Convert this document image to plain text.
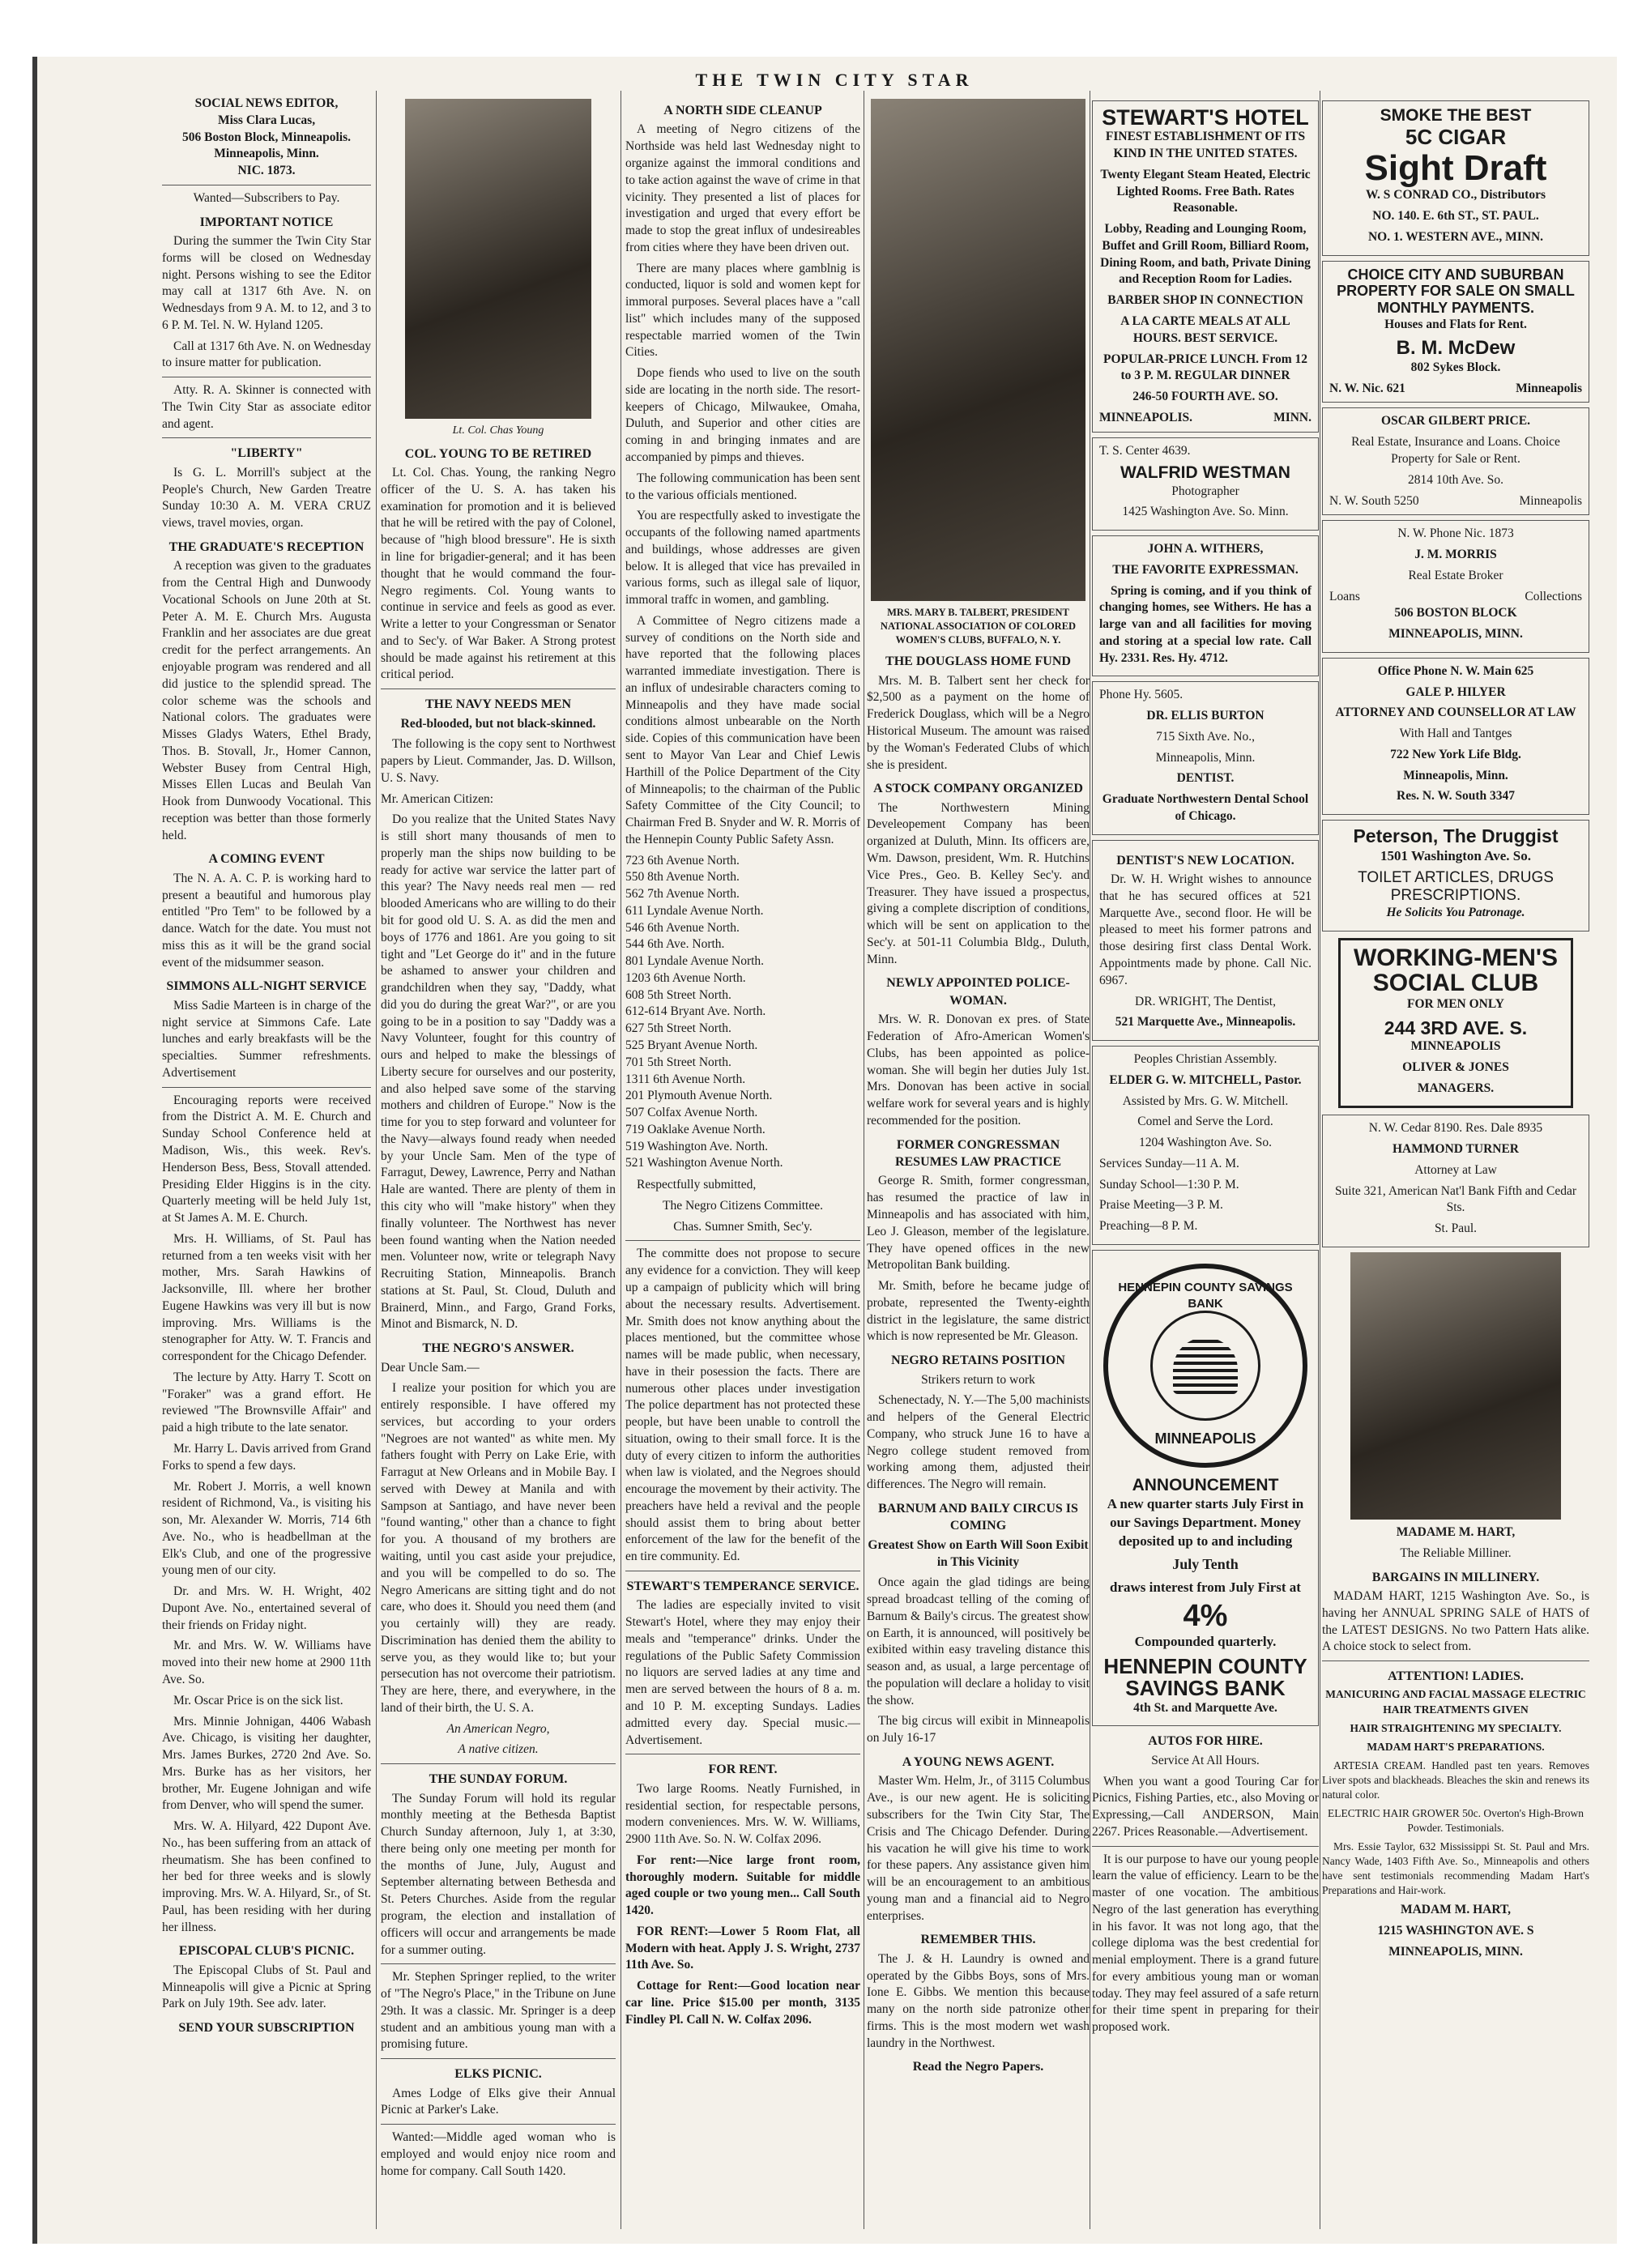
THE TWIN CITY STAR
SOCIAL NEWS EDITOR,
Miss Clara Lucas,
506 Boston Block, Minneapolis.
Minneapolis, Minn.
NIC. 1873.

Wanted—Subscribers to Pay.

IMPORTANT NOTICE

During the summer the Twin City Star forms will be closed on Wednesday night. Persons wishing to see the Editor may call at 1317 6th Ave. N. on Wednesdays from 9 A. M. to 12, and 3 to 6 P. M. Tel. N. W. Hyland 1205.

Call at 1317 6th Ave. N. on Wednesday to insure matter for publication.

Atty. R. A. Skinner is connected with The Twin City Star as associate editor and agent.

"LIBERTY"

Is G. L. Morrill's subject at the People's Church, New Garden Treatre Sunday 10:30 A. M. VERA CRUZ views, travel movies, organ.

THE GRADUATE'S RECEPTION

A reception was given to the graduates from the Central High and Dunwoody Vocational Schools on June 20th at St. Peter A. M. E. Church Mrs. Augusta Franklin and her associates are due great credit for the perfect arrangements. An enjoyable program was rendered and all did justice to the splendid spread. The color scheme was the schools and National colors. The graduates were Misses Gladys Waters, Ethel Brady, Thos. B. Stovall, Jr., Homer Cannon, Webster Busey from Central High, Misses Ellen Lucas and Beulah Van Hook from Dunwoody Vocational. This reception was better than those formerly held.

A COMING EVENT

The N. A. A. C. P. is working hard to present a beautiful and humorous play entitled "Pro Tem" to be followed by a dance. Watch for the date. You must not miss this as it will be the grand social event of the midsummer season.

SIMMONS ALL-NIGHT SERVICE

Miss Sadie Marteen is in charge of the night service at Simmons Cafe. Late lunches and early breakfasts will be the specialties. Summer refreshments. Advertisement

Encouraging reports were received from the District A. M. E. Church and Sunday School Conference held at Madison, Wis., this week. Rev's. Henderson Bess, Bess, Stovall attended. Presiding Elder Higgins is in the city. Quarterly meeting will be held July 1st, at St James A. M. E. Church.

Mrs. H. Williams, of St. Paul has returned from a ten weeks visit with her mother, Mrs. Sarah Hawkins of Jacksonville, Ill. where her brother Eugene Hawkins was very ill but is now improving. Mrs. Williams is the stenographer for Atty. W. T. Francis and correspondent for the Chicago Defender.

The lecture by Atty. Harry T. Scott on "Foraker" was a grand effort. He reviewed "The Brownsville Affair" and paid a high tribute to the late senator.

Mr. Harry L. Davis arrived from Grand Forks to spend a few days.

Mr. Robert J. Morris, a well known resident of Richmond, Va., is visiting his son, Mr. Alexander W. Morris, 714 6th Ave. No., who is headbellman at the Elk's Club, and one of the progressive young men of our city.

Dr. and Mrs. W. H. Wright, 402 Dupont Ave. No., entertained several of their friends on Friday night.

Mr. and Mrs. W. W. Williams have moved into their new home at 2900 11th Ave. So.

Mr. Oscar Price is on the sick list.

Mrs. Minnie Johnigan, 4406 Wabash Ave. Chicago, is visiting her daughter, Mrs. James Burkes, 2720 2nd Ave. So. Mrs. Burke has as her visitors, her brother, Mr. Eugene Johnigan and wife from Denver, who will spend the sumer.

Mrs. W. A. Hilyard, 422 Dupont Ave. No., has been suffering from an attack of rheumatism. She has been confined to her bed for three weeks and is slowly improving. Mrs. W. A. Hilyard, Sr., of St. Paul, has been residing with her during her illness.

EPISCOPAL CLUB'S PICNIC.

The Episcopal Clubs of St. Paul and Minneapolis will give a Picnic at Spring Park on July 19th. See adv. later.

SEND YOUR SUBSCRIPTION
Lt. Col. Chas Young
COL. YOUNG TO BE RETIRED

Lt. Col. Chas. Young, the ranking Negro officer of the U. S. A. has taken his examination for promotion and it is believed that he will be retired with the pay of Colonel, because of "high blood bressure". He is sixth in line for brigadier-general; and it has been thought that he would command the four-Negro regiments. Col. Young wants to continue in service and feels as good as ever. Write a letter to your Congressman or Senator and to Sec'y. of War Baker. A Strong protest should be made against his retirement at this critical period.

THE NAVY NEEDS MEN

Red-blooded, but not black-skinned.

The following is the copy sent to Northwest papers by Lieut. Commander, Jas. D. Willson, U. S. Navy.

Mr. American Citizen:

Do you realize that the United States Navy is still short many thousands of men to properly man the ships now building to be ready for active war service the latter part of this year? The Navy needs real men — red blooded Americans who are willing to do their bit for good old U. S. A. as did the men and boys of 1776 and 1861. Are you going to sit tight and "Let George do it" and in the future be ashamed to answer your children and grandchildren when they say, "Daddy, what did you do during the great War?", or are you going to be in a position to say "Daddy was a Navy Volunteer, fought for this country of ours and helped to make the blessings of Liberty secure for ourselves and our posterity, and also helped save some of the starving mothers and children of Europe." Now is the time for you to step forward and volunteer for the Navy—always found ready when needed by your Uncle Sam. Men of the type of Farragut, Dewey, Lawrence, Perry and Nathan Hale are wanted. There are plenty of them in this city who will "make history" when they finally volunteer. The Northwest has never been found wanting when the Nation needed men. Volunteer now, write or telegraph Navy Recruiting Station, Minneapolis. Branch stations at St. Paul, St. Cloud, Duluth and Brainerd, Minn., and Fargo, Grand Forks, Minot and Bismarck, N. D.

THE NEGRO'S ANSWER.

Dear Uncle Sam.—

I realize your position for which you are entirely responsible. I have offered my services, but according to your orders "Negroes are not wanted" as white men. My fathers fought with Perry on Lake Erie, with Farragut at New Orleans and in Mobile Bay. I served with Dewey at Manila and with Sampson at Santiago, and have never been "found wanting," other than a chance to fight for you. A thousand of my brothers are waiting, until you cast aside your prejudice, and you will be compelled to do so. The Negro Americans are sitting tight and do not care, who does it. Should you need them (and you certainly will) they are ready. Discrimination has denied them the ability to serve you, as they would like to; but your persecution has not overcome their patriotism. They are here, there, and everywhere, in the land of their birth, the U. S. A.

An American Negro,

A native citizen.

THE SUNDAY FORUM.

The Sunday Forum will hold its regular monthly meeting at the Bethesda Baptist Church Sunday afternoon, July 1, at 3:30, there being only one meeting per month for the months of June, July, August and September alternating between Bethesda and St. Peters Churches. Aside from the regular program, the election and installation of officers will occur and arrangements be made for a summer outing.

Mr. Stephen Springer replied, to the writer of "The Negro's Place," in the Tribune on June 29th. It was a classic. Mr. Springer is a deep student and an ambitious young man with a promising future.

ELKS PICNIC.

Ames Lodge of Elks give their Annual Picnic at Parker's Lake.

Wanted:—Middle aged woman who is employed and would enjoy nice room and home for company. Call South 1420.

A NORTH SIDE CLEANUP

A meeting of Negro citizens of the Northside was held last Wednesday night to organize against the immoral conditions and to take action against the wave of crime in that vicinity. They presented a list of places for investigation and urged that every effort be made to stop the great influx of undesireables from cities where they have been driven out.

There are many places where gamblnig is conducted, liquor is sold and women kept for immoral purposes. Several places have a "call list" which includes many of the supposed respectable married women of the Twin Cities.

Dope fiends who used to live on the south side are locating in the north side. The resort-keepers of Chicago, Milwaukee, Omaha, Duluth, and Superior and other cities are coming in and bringing inmates and are accompanied by pimps and thieves.

The following communication has been sent to the various officials mentioned.

You are respectfully asked to investigate the occupants of the following named apartments and buildings, whose addresses are given below. It is alleged that vice has prevailed in various forms, such as illegal sale of liquor, immoral traffc in women, and gambling.

A Committee of Negro citizens made a survey of conditions on the North side and have reported that the following places warranted immediate investigation. There is an influx of undesirable characters coming to Minneapolis and they have made social conditions almost unbearable on the North side. Copies of this communication have been sent to Mayor Van Lear and Chief Lewis Harthill of the Police Department of the City of Minneapolis; to the chairman of the Public Safety Committee of the City Council; to Chairman Fred B. Snyder and W. R. Morris of the Hennepin County Public Safety Assn.

723 6th Avenue North.
550 8th Avenue North.
562 7th Avenue North.
611 Lyndale Avenue North.
546 6th Avenue North.
544 6th Ave. North.
801 Lyndale Avenue North.
1203 6th Avenue North.
608 5th Street North.
612-614 Bryant Ave. North.
627 5th Street North.
525 Bryant Avenue North.
701 5th Street North.
1311 6th Avenue North.
201 Plymouth Avenue North.
507 Colfax Avenue North.
719 Oaklake Avenue North.
519 Washington Ave. North.
521 Washington Avenue North.

Respectfully submitted,

The Negro Citizens Committee.

Chas. Sumner Smith, Sec'y.

The committe does not propose to secure any evidence for a conviction. They will keep up a campaign of publicity which will bring about the necessary results. Advertisement. Mr. Smith does not know anything about the places mentioned, but the committee whose names will be made public, when necessary, have in their posession the facts. There are numerous other places under investigation The police department has not protected these people, but have been unable to controll the situation, owing to their small force. It is the duty of every citizen to inform the authorities when law is violated, and the Negroes should encourage the movement by their activity. The preachers have held a revival and the people should assist them to bring about better enforcement of the law for the benefit of the en tire community. Ed.

STEWART'S TEMPERANCE SERVICE.

The ladies are especially invited to visit Stewart's Hotel, where they may enjoy their meals and "temperance" drinks. Under the regulations of the Public Safety Commission no liquors are served ladies at any time and men are served between the hours of 8 a. m. and 10 P. M. excepting Sundays. Ladies admitted every day. Special music.—Advertisement.

FOR RENT.

Two large Rooms. Neatly Furnished, in residential section, for respectable persons, modern conveniences. Mrs. W. W. Williams, 2900 11th Ave. So. N. W. Colfax 2096.

For rent:—Nice large front room, thoroughly modern. Suitable for middle aged couple or two young men... Call South 1420.

FOR RENT:—Lower 5 Room Flat, all Modern with heat. Apply J. S. Wright, 2737 11th Ave. So.

Cottage for Rent:—Good location near car line. Price $15.00 per month, 3135 Findley Pl. Call N. W. Colfax 2096.

MRS. MARY B. TALBERT, PRESIDENT NATIONAL ASSOCIATION OF COLORED WOMEN'S CLUBS, BUFFALO, N. Y.
THE DOUGLASS HOME FUND

Mrs. M. B. Talbert sent her check for $2,500 as a payment on the home of Frederick Douglass, which will be a Negro Historical Museum. The amount was raised by the Woman's Federated Clubs of which she is president.

A STOCK COMPANY ORGANIZED

The Northwestern Mining Develeopement Company has been organized at Duluth, Minn. Its officers are, Wm. Dawson, president, Wm. R. Hutchins Vice Pres., Geo. B. Kelley Sec'y. and Treasurer. They have issued a prospectus, giving a complete discription of conditions, which will be sent on application to the Sec'y. at 501-11 Columbia Bldg., Duluth, Minn.

NEWLY APPOINTED POLICE-WOMAN.

Mrs. W. R. Donovan ex pres. of State Federation of Afro-American Women's Clubs, has been appointed as police-woman. She will begin her duties July 1st. Mrs. Donovan has been active in social welfare work for several years and is highly recommended for the position.

FORMER CONGRESSMAN RESUMES LAW PRACTICE

George R. Smith, former congressman, has resumed the practice of law in Minneapolis and has associated with him, Leo J. Gleason, member of the legislature. They have opened offices in the new Metropolitan Bank building.

Mr. Smith, before he became judge of probate, represented the Twenty-eighth district in the legislature, the same district which is now represented be Mr. Gleason.

NEGRO RETAINS POSITION

Strikers return to work

Schenectady, N. Y.—The 5,00 machinists and helpers of the General Electric Company, who struck June 16 to have a Negro college student removed from working among them, adjusted their differences. The Negro will remain.

BARNUM AND BAILY CIRCUS IS COMING

Greatest Show on Earth Will Soon Exibit in This Vicinity

Once again the glad tidings are being spread broadcast telling of the coming of Barnum & Baily's circus. The greatest show on Earth, it is announced, will positively be exibited within easy traveling distance this season and, as usual, a large percentage of the population will declare a holiday to visit the show.

The big circus will exibit in Minneapolis on July 16-17

A YOUNG NEWS AGENT.

Master Wm. Helm, Jr., of 3115 Columbus Ave., is our new agent. He is soliciting subscribers for the Twin City Star, The Crisis and The Chicago Defender. During his vacation he will give his time to work for these papers. Any assistance given him will be an encouragement to an ambitious young man and a financial aid to Negro enterprises.

REMEMBER THIS.

The J. & H. Laundry is owned and operated by the Gibbs Boys, sons of Mrs. Ione E. Gibbs. We mention this because many on the north side patronize other firms. This is the most modern wet wash laundry in the Northwest.

Read the Negro Papers.
STEWART'S HOTEL

FINEST ESTABLISHMENT OF ITS KIND IN THE UNITED STATES.

Twenty Elegant Steam Heated, Electric Lighted Rooms. Free Bath. Rates Reasonable.

Lobby, Reading and Lounging Room, Buffet and Grill Room, Billiard Room, Dining Room, and bath, Private Dining and Reception Room for Ladies.

BARBER SHOP IN CONNECTION

A LA CARTE MEALS AT ALL HOURS. BEST SERVICE.

POPULAR-PRICE LUNCH. From 12 to 3 P. M. REGULAR DINNER

246-50 FOURTH AVE. SO.

MINNEAPOLIS.	MINN.

T. S. Center 4639.

WALFRID WESTMAN

Photographer

1425 Washington Ave. So. Minn.

JOHN A. WITHERS,

THE FAVORITE EXPRESSMAN.

Spring is coming, and if you think of changing homes, see Withers. He has a large van and all facilities for moving and storing at a special low rate. Call Hy. 2331. Res. Hy. 4712.

Phone Hy. 5605.

DR. ELLIS BURTON

715 Sixth Ave. No.,

Minneapolis, Minn.

DENTIST.

Graduate Northwestern Dental School of Chicago.

DENTIST'S NEW LOCATION.

Dr. W. H. Wright wishes to announce that he has secured offices at 521 Marquette Ave., second floor. He will be pleased to meet his former patrons and those desiring first class Dental Work. Appointments made by phone. Call Nic. 6967.

DR. WRIGHT, The Dentist,

521 Marquette Ave., Minneapolis.

Peoples Christian Assembly.

ELDER G. W. MITCHELL, Pastor.

Assisted by Mrs. G. W. Mitchell.

Comel and Serve the Lord.

1204 Washington Ave. So.

Services Sunday—11 A. M.

Sunday School—1:30 P. M.

Praise Meeting—3 P. M.

Preaching—8 P. M.

HENNEPIN COUNTY SAVINGS BANK
MINNEAPOLIS
ANNOUNCEMENT

A new quarter starts July First in our Savings Department. Money deposited up to and including

July Tenth

draws interest from July First at

4%

Compounded quarterly.

HENNEPIN COUNTY SAVINGS BANK

4th St. and Marquette Ave.

AUTOS FOR HIRE.

Service At All Hours.

When you want a good Touring Car for Picnics, Fishing Parties, etc., also Moving or Expressing,—Call ANDERSON, Main 2267. Prices Reasonable.—Advertisement.

It is our purpose to have our young people learn the value of efficiency. Learn to be the master of one vocation. The ambitious Negro of the last generation has everything in his favor. It was not long ago, that the college diploma was the best credential for menial employment. There is a grand future for every ambitious young man or woman today. They may feel assured of a safe return for their time spent in preparing for their proposed work.

SMOKE THE BEST
5C CIGAR
Sight Draft

W. S CONRAD CO., Distributors

NO. 140. E. 6th ST., ST. PAUL.

NO. 1. WESTERN AVE., MINN.

CHOICE CITY AND SUBURBAN PROPERTY FOR SALE ON SMALL MONTHLY PAYMENTS.

Houses and Flats for Rent.

B. M. McDew

802 Sykes Block.

N. W. Nic. 621	Minneapolis

OSCAR GILBERT PRICE.

Real Estate, Insurance and Loans. Choice Property for Sale or Rent.

2814 10th Ave. So.

N. W. South 5250	Minneapolis

N. W. Phone Nic. 1873

J. M. MORRIS

Real Estate Broker

Loans	Collections

506 BOSTON BLOCK

MINNEAPOLIS, MINN.

Office Phone N. W. Main 625

GALE P. HILYER

ATTORNEY AND COUNSELLOR AT LAW

With Hall and Tantges

722 New York Life Bldg.

Minneapolis, Minn.

Res. N. W. South 3347

Peterson, The Druggist

1501 Washington Ave. So.

TOILET ARTICLES, DRUGS PRESCRIPTIONS.

He Solicits You Patronage.

WORKING-MEN'S SOCIAL CLUB

FOR MEN ONLY

244 3RD AVE. S.

MINNEAPOLIS

OLIVER & JONES

MANAGERS.

N. W. Cedar 8190. Res. Dale 8935

HAMMOND TURNER

Attorney at Law

Suite 321, American Nat'l Bank Fifth and Cedar Sts.

St. Paul.

MADAME M. HART,

The Reliable Milliner.

BARGAINS IN MILLINERY.

MADAM HART, 1215 Washington Ave. So., is having her ANNUAL SPRING SALE of HATS of the LATEST DESIGNS. No two Pattern Hats alike. A choice stock to select from.

ATTENTION! LADIES.

MANICURING AND FACIAL MASSAGE ELECTRIC HAIR TREATMENTS GIVEN

HAIR STRAIGHTENING MY SPECIALTY.

MADAM HART'S PREPARATIONS.

ARTESIA CREAM. Handled past ten years. Removes Liver spots and blackheads. Bleaches the skin and renews its natural color.

ELECTRIC HAIR GROWER 50c. Overton's High-Brown Powder. Testimonials.

Mrs. Essie Taylor, 632 Mississippi St. St. Paul and Mrs. Nancy Wade, 1403 Fifth Ave. So., Minneapolis and others have sent testimonials recommending Madam Hart's Preparations and Hair-work.

MADAM M. HART,

1215 WASHINGTON AVE. S

MINNEAPOLIS, MINN.
